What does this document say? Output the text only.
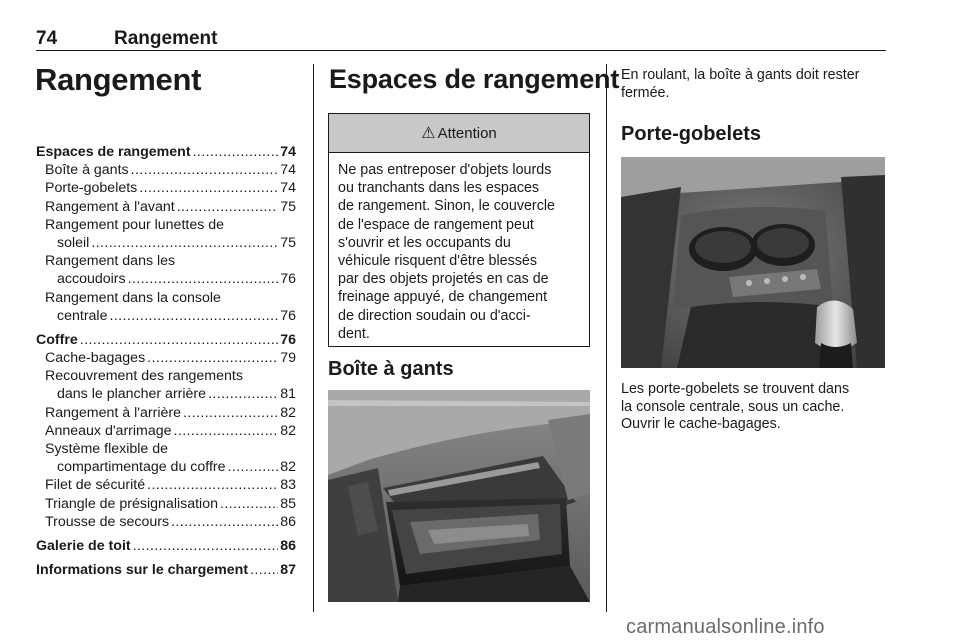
74	Rangement
Rangement
Espaces de rangement .....	74
Boîte à gants .....	74
Porte-gobelets .....	74
Rangement à l'avant .....	75
Rangement pour lunettes de
soleil .....	75
Rangement dans les
accoudoirs .....	76
Rangement dans la console
centrale .....	76
Coffre .....	76
Cache-bagages .....	79
Recouvrement des rangements
dans le plancher arrière .....	81
Rangement à l'arrière .....	82
Anneaux d'arrimage .....	82
Système flexible de
compartimentage du coffre .....	82
Filet de sécurité .....	83
Triangle de présignalisation .....	85
Trousse de secours .....	86
Galerie de toit .....	86
Informations sur le chargement ..... 87
Espaces de rangement
⚠ Attention
Ne pas entreposer d'objets lourds
ou tranchants dans les espaces
de rangement. Sinon, le couvercle
de l'espace de rangement peut
s'ouvrir et les occupants du
véhicule risquent d'être blessés
par des objets projetés en cas de
freinage appuyé, de changement
de direction soudain ou d'acci-
dent.
Boîte à gants
En roulant, la boîte à gants doit rester
fermée.
Porte-gobelets
Les porte-gobelets se trouvent dans
la console centrale, sous un cache.
Ouvrir le cache-bagages.
carmanualsonline.info
